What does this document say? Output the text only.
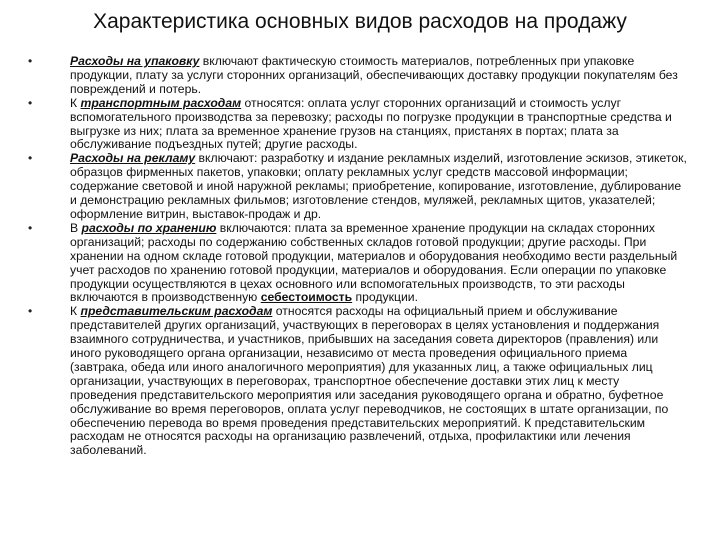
Характеристика основных видов расходов на продажу
•	Расходы на упаковку включают фактическую стоимость материалов, потребленных при упаковке продукции, плату за услуги сторонних организаций, обеспечивающих доставку продукции покупателям без повреждений и потерь.
•	К транспортным расходам относятся: оплата услуг сторонних организаций и стоимость услуг вспомогательного производства за перевозку; расходы по погрузке продукции в транспортные средства и выгрузке из них; плата за временное хранение грузов на станциях, пристанях в портах; плата за обслуживание подъездных путей; другие расходы.
•	Расходы на рекламу включают: разработку и издание рекламных изделий, изготовление эскизов, этикеток, образцов фирменных пакетов, упаковки; оплату рекламных услуг средств массовой информации; содержание световой и иной наружной рекламы; приобретение, копирование, изготовление, дублирование и демонстрацию рекламных фильмов; изготовление стендов, муляжей, рекламных щитов, указателей; оформление витрин, выставок-продаж и др.
•	В расходы по хранению включаются: плата за временное хранение продукции на складах сторонних организаций; расходы по содержанию собственных складов готовой продукции; другие расходы. При хранении на одном складе готовой продукции, материалов и оборудования необходимо вести раздельный учет расходов по хранению готовой продукции, материалов и оборудования. Если операции по упаковке продукции осуществляются в цехах основного или вспомогательных производств, то эти расходы включаются в производственную себестоимость продукции.
•	К представительским расходам относятся расходы на официальный прием и обслуживание представителей других организаций, участвующих в переговорах в целях установления и поддержания взаимного сотрудничества, и участников, прибывших на заседания совета директоров (правления) или иного руководящего органа организации, независимо от места проведения официального приема (завтрака, обеда или иного аналогичного мероприятия) для указанных лиц, а также официальных лиц организации, участвующих в переговорах, транспортное обеспечение доставки этих лиц к месту проведения представительского мероприятия или заседания руководящего органа и обратно, буфетное обслуживание во время переговоров, оплата услуг переводчиков, не состоящих в штате организации, по обеспечению перевода во время проведения представительских мероприятий. К представительским расходам не относятся расходы на организацию развлечений, отдыха, профилактики или лечения заболеваний.
